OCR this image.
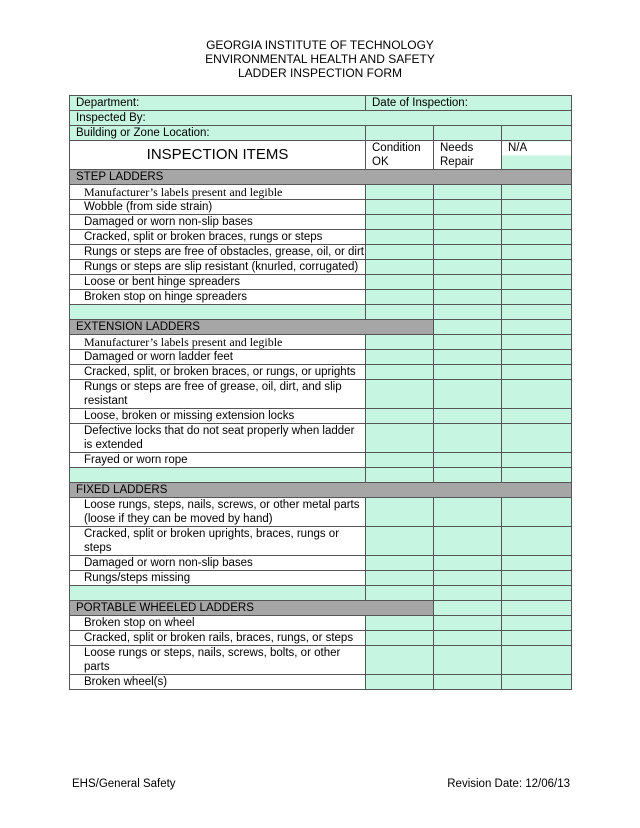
GEORGIA INSTITUTE OF TECHNOLOGY
ENVIRONMENTAL HEALTH AND SAFETY
LADDER INSPECTION FORM
Department:	Date of Inspection:		
Inspected By:			
Building or Zone Location:			
INSPECTION ITEMS	Condition OK	Needs Repair	N/A
STEP LADDERS			
Manufacturer’s labels present and legible			
Wobble (from side strain)			
Damaged or worn non-slip bases			
Cracked, split or broken braces, rungs or steps			
Rungs or steps are free of obstacles, grease, oil, or dirt			
Rungs or steps are slip resistant (knurled, corrugated)			
Loose or bent hinge spreaders			
Broken stop on hinge spreaders			

EXTENSION LADDERS			
Manufacturer’s labels present and legible			
Damaged or worn ladder feet			
Cracked, split, or broken braces, or rungs, or uprights			
Rungs or steps are free of grease, oil, dirt, and slip resistant			
Loose, broken or missing extension locks			
Defective locks that do not seat properly when ladder is extended			
Frayed or worn rope			

FIXED LADDERS			
Loose rungs, steps, nails, screws, or other metal parts (loose if they can be moved by hand)			
Cracked, split or broken uprights, braces, rungs or steps			
Damaged or worn non-slip bases			
Rungs/steps missing			

PORTABLE WHEELED LADDERS			
Broken stop on wheel			
Cracked, split or broken rails, braces, rungs, or steps			
Loose rungs or steps, nails, screws, bolts, or other parts			
Broken wheel(s)			
EHS/General Safety	Revision Date: 12/06/13
